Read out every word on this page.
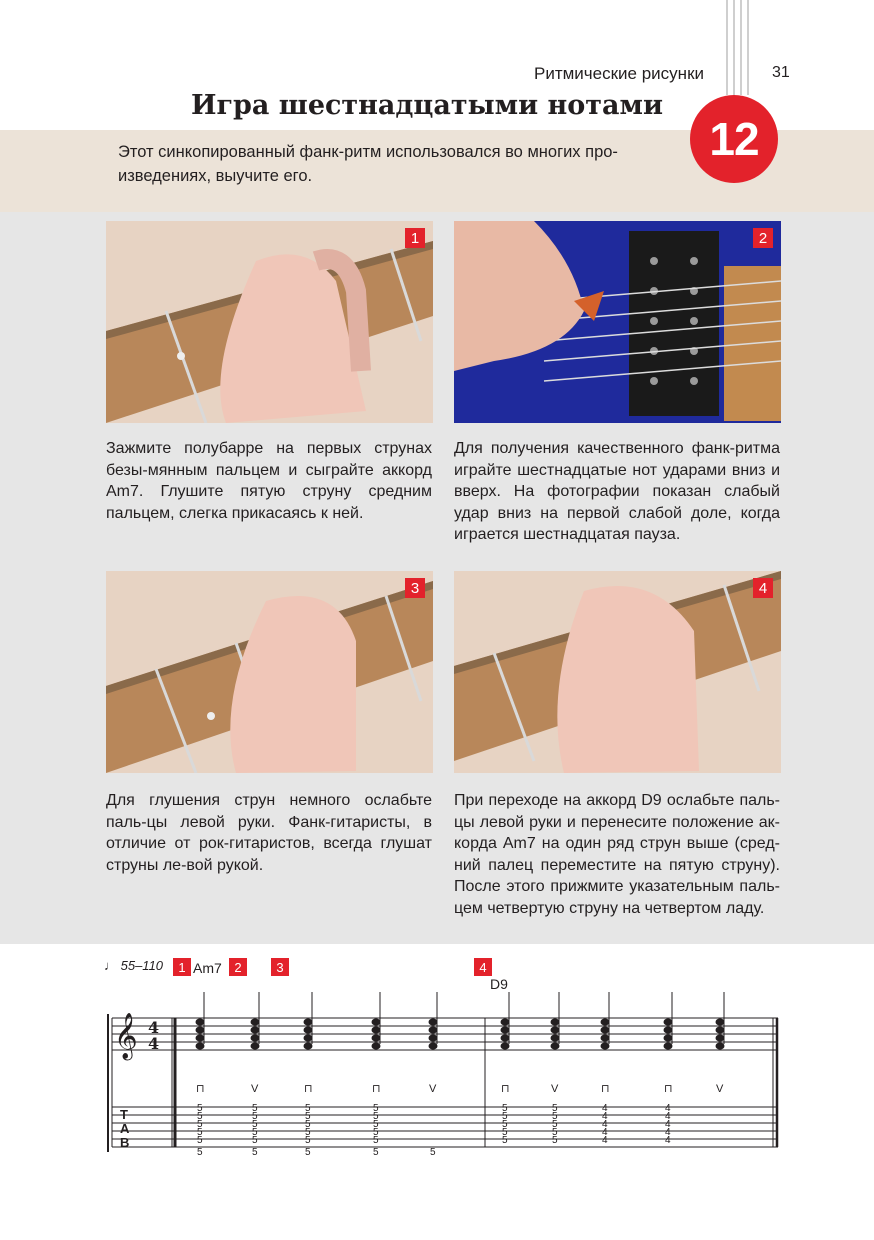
Ритмические рисунки	31
Игра шестнадцатыми нотами
Этот синкопированный фанк-ритм использовался во многих про-изведениях, выучите его.
12
1	2
3	4
Зажмите полубарре на первых струнах безы-мянным пальцем и сыграйте аккорд Am7. Глушите пятую струну средним пальцем, слегка прикасаясь к ней.
Для получения качественного фанк-ритма играйте шестнадцатые нот ударами вниз и вверх. На фотографии показан слабый удар вниз на первой слабой доле, когда играется шестнадцатая пауза.
Для глушения струн немного ослабьте паль-цы левой руки. Фанк-гитаристы, в отличие от рок-гитаристов, всегда глушат струны ле-вой рукой.
При переходе на аккорд D9 ослабьте паль-цы левой руки и перенесите положение ак-корда Am7 на один ряд струн выше (сред-ний палец переместите на пятую струну). После этого прижмите указательным паль-цем четвертую струну на четвертом ладу.
♩ 55–110	1 Am7 2	3	4
D9
𝄞 4
4
T
A
B
⊓
5
5
5
5
5
5
V
5
5
5
5
5
5
⊓
5
5
5
5
5
5
⊓
5
5
5
5
5
5
V
5
⊓
5
5
5
5
5
V
5
5
5
5
5
⊓
4
4
4
4
4
⊓
4
4
4
4
4
V
